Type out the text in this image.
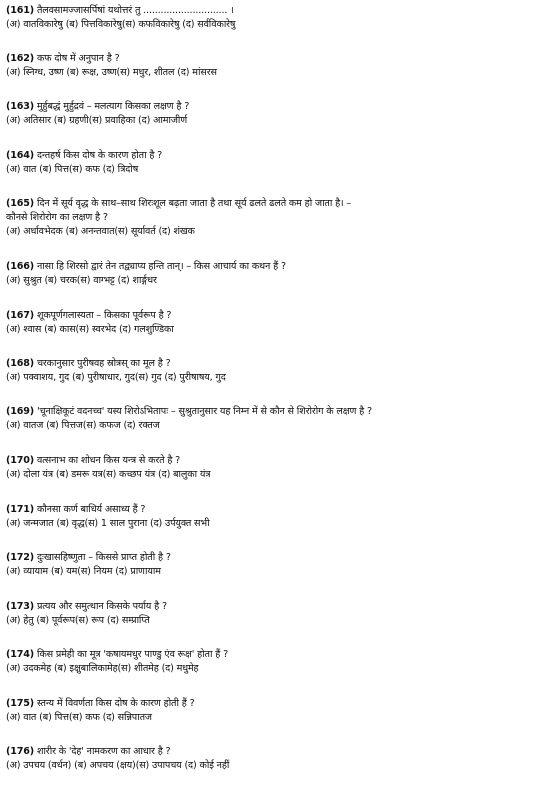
(161) तैलवसामज्जासर्पिषां यथोत्तरं तु ............................. ।
(अ) वातविकारेषु (ब) पित्तविकारेषु(स) कफविकारेषु (द) सर्वविकारेषु
(162) कफ दोष में अनुपान है ?
(अ) स्निग्ध, उष्ण (ब) रूक्ष, उष्ण(स) मधुर, शीतल (द) मांसरस
(163) मुर्हुबद्धं मुर्हुद्रवं – मलत्याग किसका लक्षण है ?
(अ) अतिसार (ब) ग्रहणी(स) प्रवाहिका (द) आमाजीर्ण
(164) दन्तहर्ष किस दोष के कारण होता है ?
(अ) वात (ब) पित्त(स) कफ (द) त्रिदोष
(165) दिन में सूर्य वृद्ध के साथ–साथ शिरःशूल बढ़ता जाता है तथा सूर्य ढलते ढलते कम हो जाता है। –
कौनसे शिरोरोग का लक्षण है ?
(अ) अर्धावभेदक (ब) अनन्तवात(स) सूर्यावर्त (द) शंखक
(166) नासा हि शिरसो द्वारं तेन तद्व्याप्य हन्ति तान्। – किस आचार्य का कथन हैं ?
(अ) सुश्रुत (ब) चरक(स) वाग्भट्ट (द) शार्ङ्गधर
(167) शूकपूर्णगलास्यता – किसका पूर्वरूप है ?
(अ) श्वास (ब) कास(स) स्वरभेद (द) गलशुण्डिका
(168) चरकानुसार पुरीषवह स्रोत्रस् का मूल है ?
(अ) पक्वाशय, गुद (ब) पुरीषाधार, गुद(स) गुद (द) पुरीषाषय, गुद
(169) 'चूनाक्षिकूटं वदनच्च' यस्य शिरोऽभितापः – सुश्रुतानुसार यह निम्न में से कौन से शिरोरोग के लक्षण है ?
(अ) वातज (ब) पित्तज(स) कफज (द) रक्तज
(170) वत्सनाभ का शोधन किस यन्त्र से करते है ?
(अ) दोला यंत्र (ब) डमरू यत्र(स) कच्छप यंत्र (द) बालुका यंत्र
(171) कौनसा कर्ण बाधिर्य असाध्य हैं ?
(अ) जन्मजात (ब) वृद्ध(स) 1 साल पुराना (द) उर्पयुक्त सभी
(172) दुःखासहिष्णुता – किससे प्राप्त होती है ?
(अ) व्यायाम (ब) यम(स) नियम (द) प्राणायाम
(173) प्रत्यय और समुत्थान किसके पर्याय है ?
(अ) हेतु (ब) पूर्वरूप(स) रूप (द) सम्प्राप्ति
(174) किस प्रमेही का मूत्र 'कषायमधुर पाण्डु एंव रूक्ष' होता हैं ?
(अ) उदकमेह (ब) इक्षुबालिकामेह(स) शीतमेह (द) मधुमेह
(175) स्तन्य में विवर्णता किस दोष के कारण होती हैं ?
(अ) वात (ब) पित्त(स) कफ (द) सन्निपातज
(176) शारीर के 'देह' नामकरण का आधार है ?
(अ) उपचय (वर्धन) (ब) अपचय (क्षय)(स) उपापचय (द) कोई नहीं
